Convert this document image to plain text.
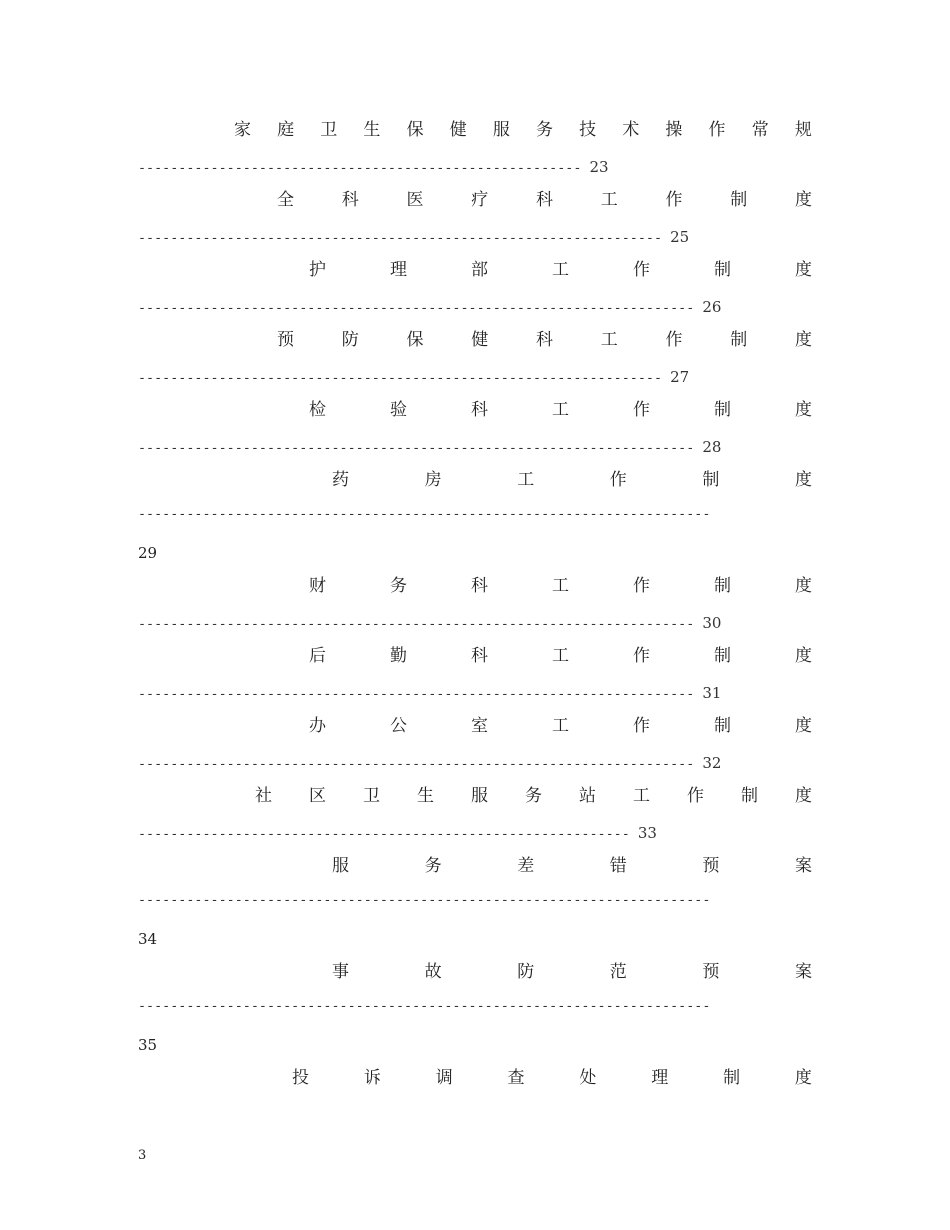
家 庭 卫 生 保 健 服 务 技 术 操 作 常 规
------------------------------------------------------- 23
全	科	医	疗	科	工	作	制	度
----------------------------------------------------------------- 25
护	理	部	工	作	制	度
--------------------------------------------------------------------- 26
预	防	保	健	科	工	作	制	度
----------------------------------------------------------------- 27
检	验	科	工	作	制	度
--------------------------------------------------------------------- 28
药	房	工	作	制	度
-----------------------------------------------------------------------
29
财	务	科	工	作	制	度
--------------------------------------------------------------------- 30
后	勤	科	工	作	制	度
--------------------------------------------------------------------- 31
办	公	室	工	作	制	度
--------------------------------------------------------------------- 32
社 区 卫 生 服 务 站 工 作 制 度
------------------------------------------------------------- 33
服	务	差	错	预	案
-----------------------------------------------------------------------
34
事	故	防	范	预	案
-----------------------------------------------------------------------
35
投	诉	调	查	处	理	制	度
3
